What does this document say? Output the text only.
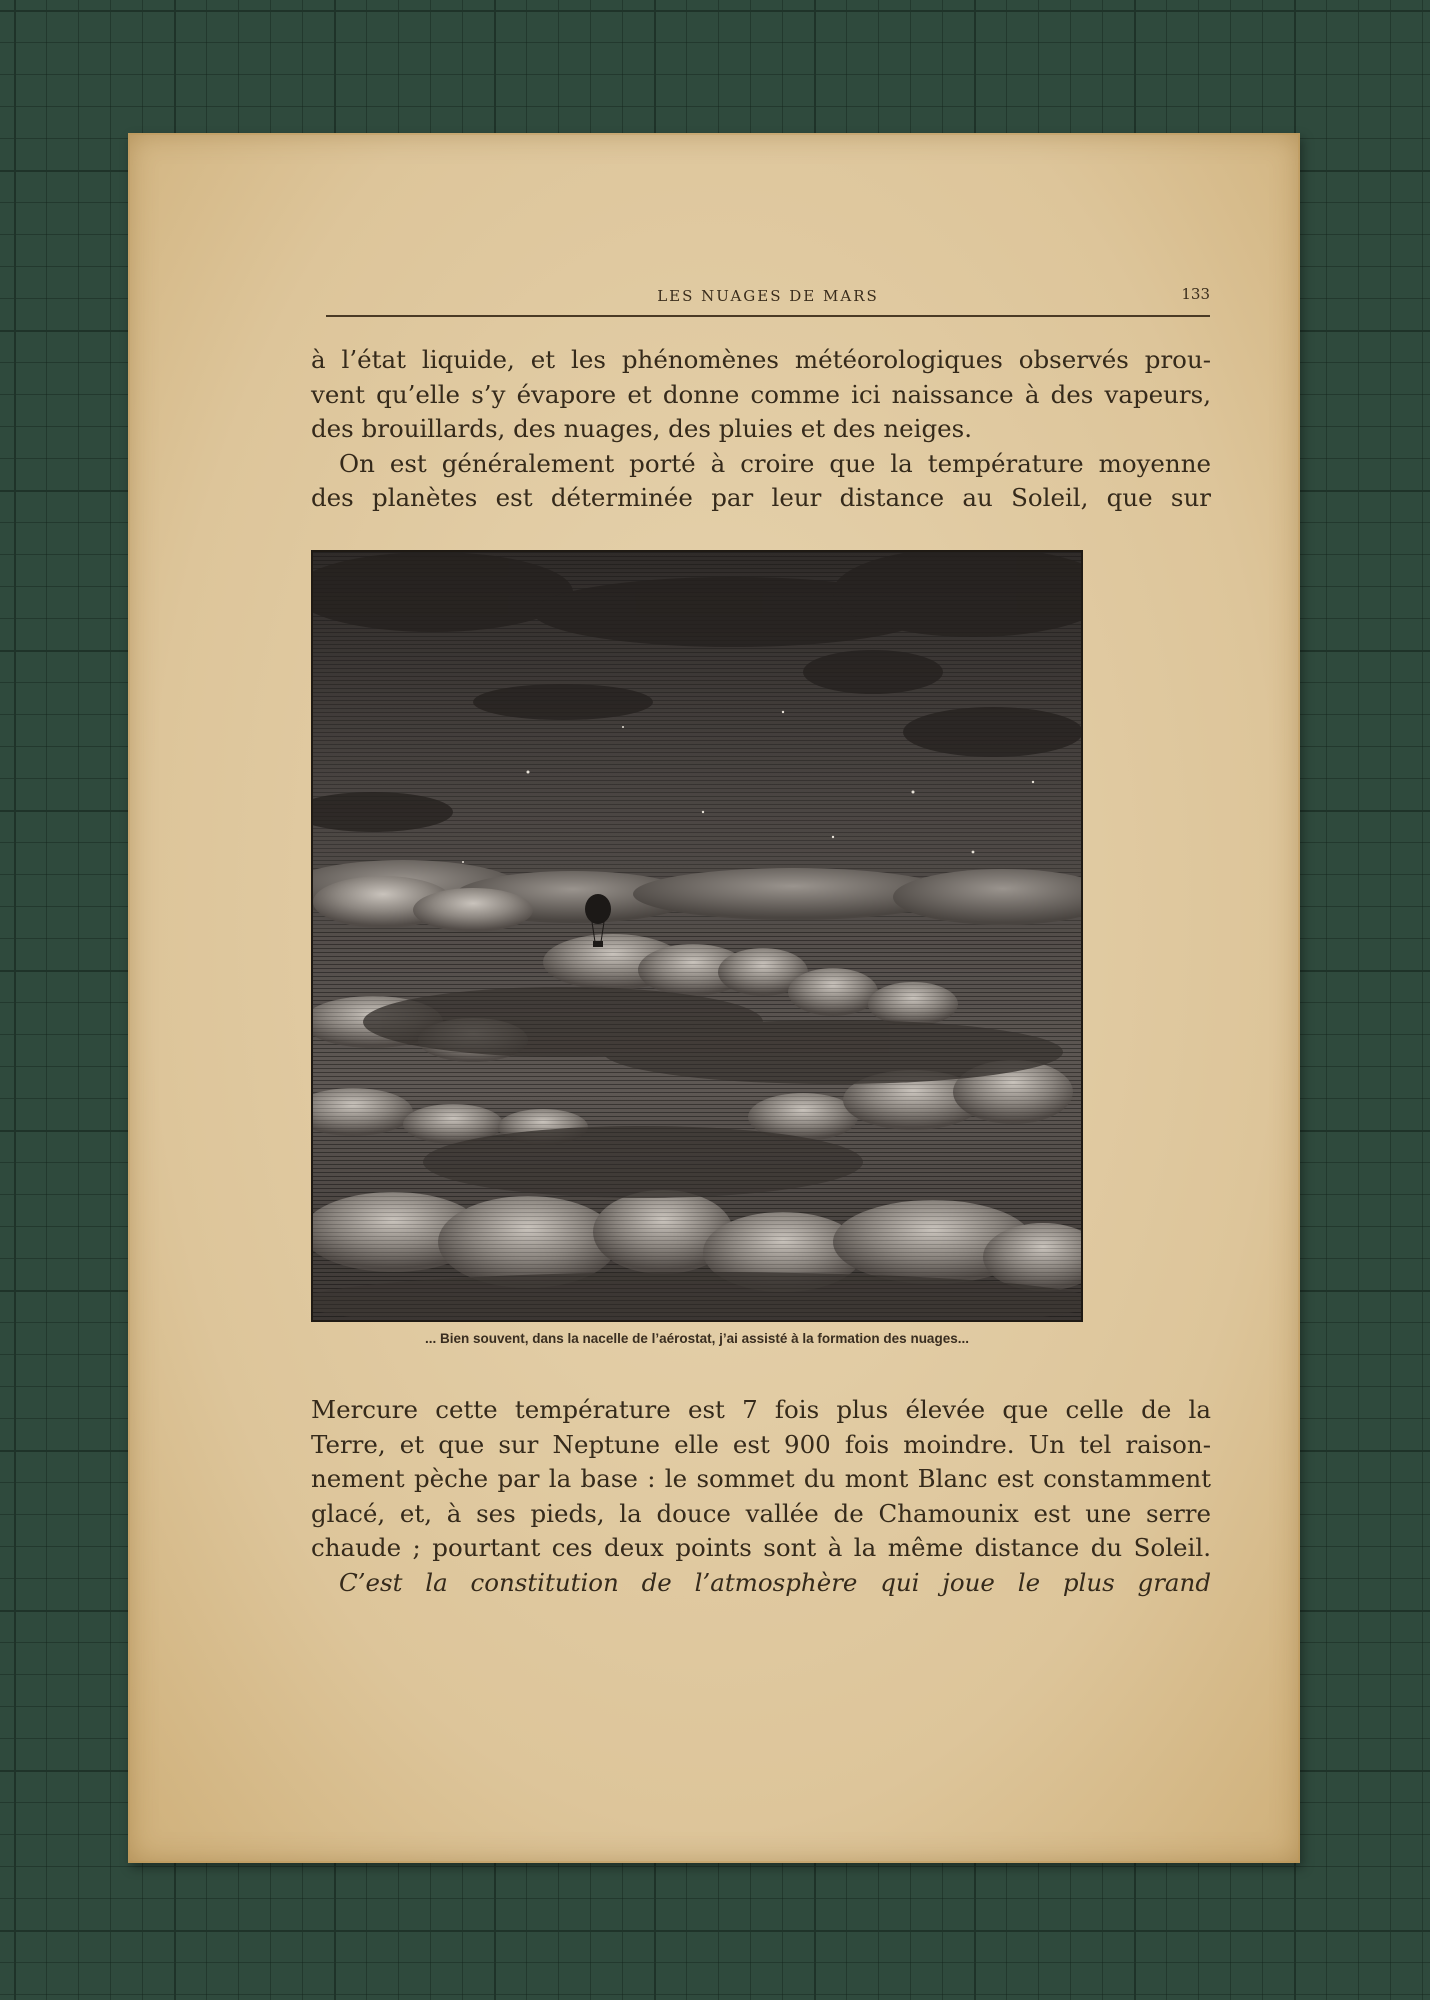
LES NUAGES DE MARS	133
à l’état liquide, et les phénomènes météorologiques observés prou-
vent qu’elle s’y évapore et donne comme ici naissance à des vapeurs,
des brouillards, des nuages, des pluies et des neiges.
On est généralement porté à croire que la température moyenne
des planètes est déterminée par leur distance au Soleil, que sur
... Bien souvent, dans la nacelle de l’aérostat, j’ai assisté à la formation des nuages...
Mercure cette température est 7 fois plus élevée que celle de la
Terre, et que sur Neptune elle est 900 fois moindre. Un tel raison-
nement pèche par la base : le sommet du mont Blanc est constamment
glacé, et, à ses pieds, la douce vallée de Chamounix est une serre
chaude ; pourtant ces deux points sont à la même distance du Soleil.
C’est la constitution de l’atmosphère qui joue le plus grand
